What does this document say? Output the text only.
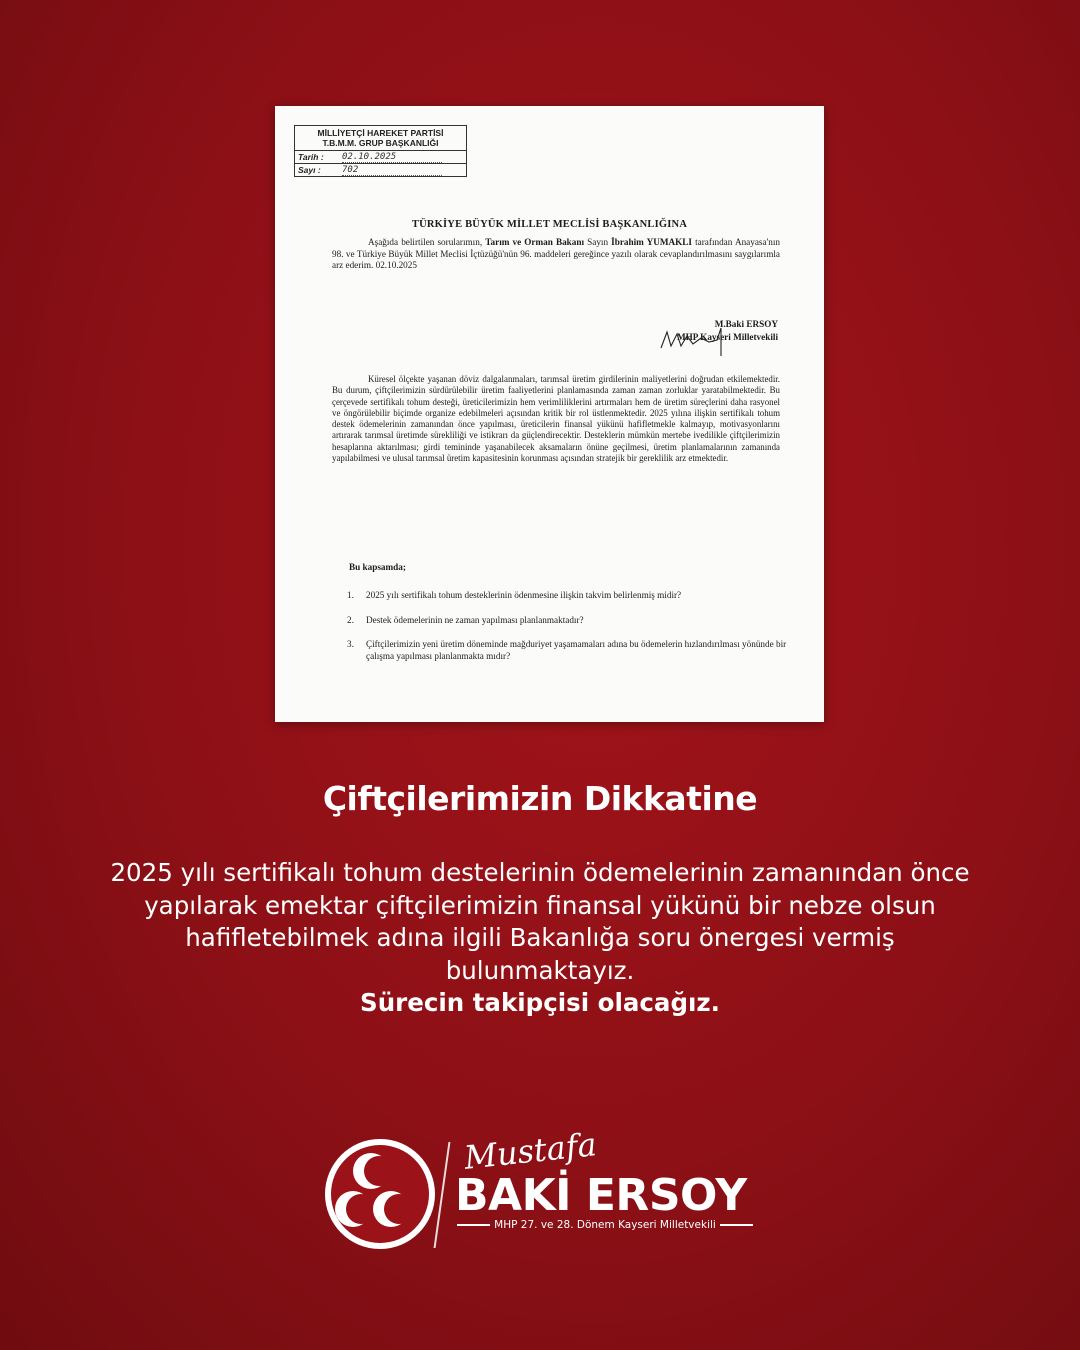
MİLLİYETÇİ HAREKET PARTİSİ
T.B.M.M. GRUP BAŞKANLIĞI
Tarih :	02.10.2025
Sayı :	702
TÜRKİYE BÜYÜK MİLLET MECLİSİ BAŞKANLIĞINA
Aşağıda belirtilen sorularımın, Tarım ve Orman Bakanı Sayın İbrahim YUMAKLI tarafından Anayasa'nın 98. ve Türkiye Büyük Millet Meclisi İçtüzüğü'nün 96. maddeleri gereğince yazılı olarak cevaplandırılmasını saygılarımla arz ederim. 02.10.2025
M.Baki ERSOY
MHP Kayseri Milletvekili
Küresel ölçekte yaşanan döviz dalgalanmaları, tarımsal üretim girdilerinin maliyetlerini doğrudan etkilemektedir. Bu durum, çiftçilerimizin sürdürülebilir üretim faaliyetlerini planlamasında zaman zaman zorluklar yaratabilmektedir. Bu çerçevede sertifikalı tohum desteği, üreticilerimizin hem verimliliklerini artırmaları hem de üretim süreçlerini daha rasyonel ve öngörülebilir biçimde organize edebilmeleri açısından kritik bir rol üstlenmektedir. 2025 yılına ilişkin sertifikalı tohum destek ödemelerinin zamanından önce yapılması, üreticilerin finansal yükünü hafifletmekle kalmayıp, motivasyonlarını artırarak tarımsal üretimde sürekliliği ve istikrarı da güçlendirecektir. Desteklerin mümkün mertebe ivedilikle çiftçilerimizin hesaplarına aktarılması; girdi temininde yaşanabilecek aksamaların önüne geçilmesi, üretim planlamalarının zamanında yapılabilmesi ve ulusal tarımsal üretim kapasitesinin korunması açısından stratejik bir gereklilik arz etmektedir.
Bu kapsamda;
1.	2025 yılı sertifikalı tohum desteklerinin ödenmesine ilişkin takvim belirlenmiş midir?
2.	Destek ödemelerinin ne zaman yapılması planlanmaktadır?
3.	Çiftçilerimizin yeni üretim döneminde mağduriyet yaşamamaları adına bu ödemelerin hızlandırılması yönünde bir çalışma yapılması planlanmakta mıdır?
Çiftçilerimizin Dikkatine
2025 yılı sertifikalı tohum destelerinin ödemelerinin zamanından önce yapılarak emektar çiftçilerimizin finansal yükünü bir nebze olsun hafifletebilmek adına ilgili Bakanlığa soru önergesi vermiş bulunmaktayız.
Sürecin takipçisi olacağız.
Mustafa
BAKİ ERSOY
MHP 27. ve 28. Dönem Kayseri Milletvekili
